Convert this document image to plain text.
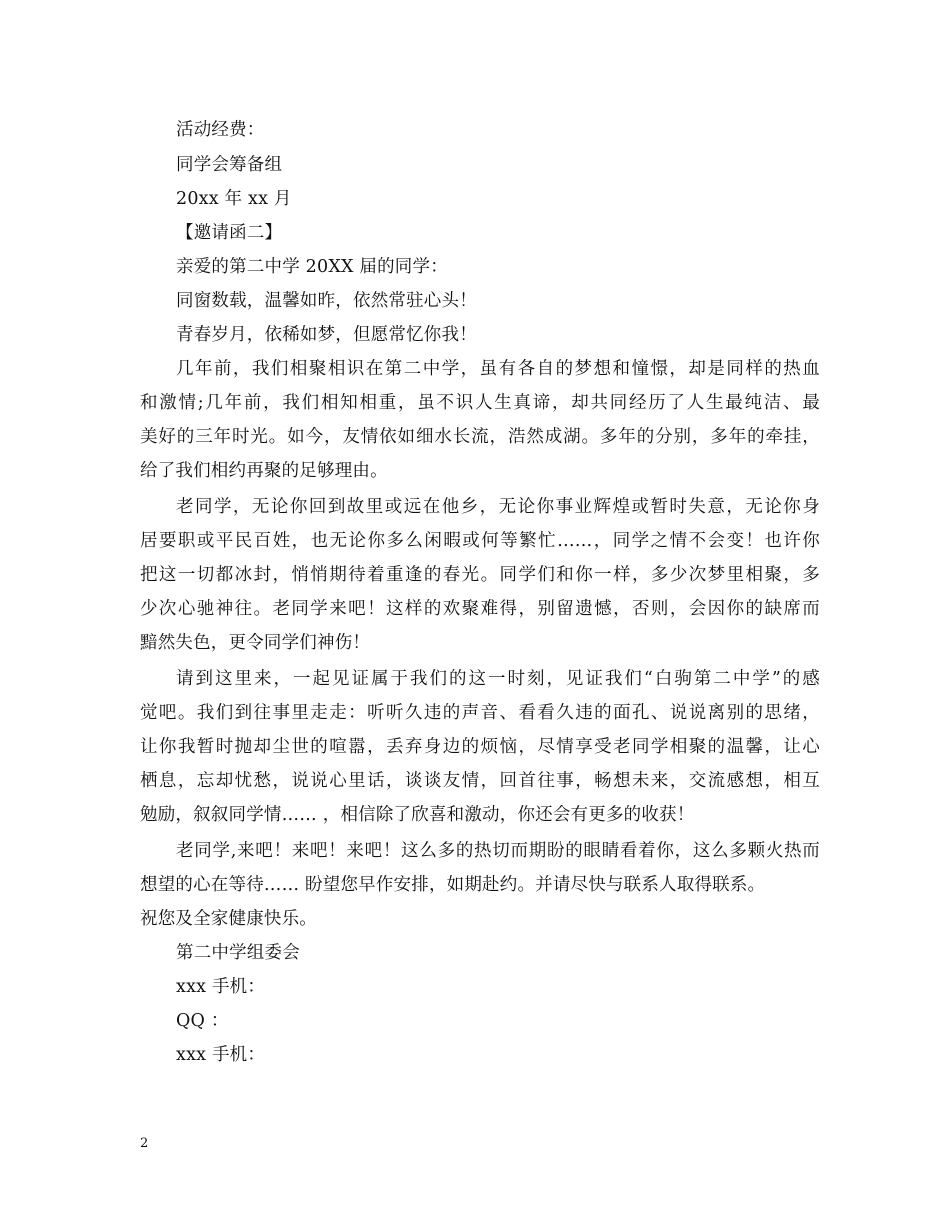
活动经费：
同学会筹备组
20xx 年 xx 月
【邀请函二】
亲爱的第二中学 20XX 届的同学：
同窗数载，温馨如昨，依然常驻心头！
青春岁月，依稀如梦，但愿常忆你我！
几年前，我们相聚相识在第二中学，虽有各自的梦想和憧憬，却是同样的热血
和激情;几年前，我们相知相重，虽不识人生真谛，却共同经历了人生最纯洁、最
美好的三年时光。如今，友情依如细水长流，浩然成湖。多年的分别，多年的牵挂，
给了我们相约再聚的足够理由。
老同学，无论你回到故里或远在他乡，无论你事业辉煌或暂时失意，无论你身
居要职或平民百姓，也无论你多么闲暇或何等繁忙……，同学之情不会变！也许你
把这一切都冰封，悄悄期待着重逢的春光。同学们和你一样，多少次梦里相聚，多
少次心驰神往。老同学来吧！这样的欢聚难得，别留遗憾，否则，会因你的缺席而
黯然失色，更令同学们神伤！
请到这里来，一起见证属于我们的这一时刻，见证我们“白驹第二中学”的感
觉吧。我们到往事里走走：听听久违的声音、看看久违的面孔、说说离别的思绪，
让你我暂时抛却尘世的喧嚣，丢弃身边的烦恼，尽情享受老同学相聚的温馨，让心
栖息，忘却忧愁，说说心里话，谈谈友情，回首往事，畅想未来，交流感想，相互
勉励，叙叙同学情…… ，相信除了欣喜和激动，你还会有更多的收获！
老同学,来吧！来吧！来吧！这么多的热切而期盼的眼睛看着你，这么多颗火热而
想望的心在等待…… 盼望您早作安排，如期赴约。并请尽快与联系人取得联系。
祝您及全家健康快乐。
第二中学组委会
xxx 手机：
QQ ：
xxx 手机：
2
